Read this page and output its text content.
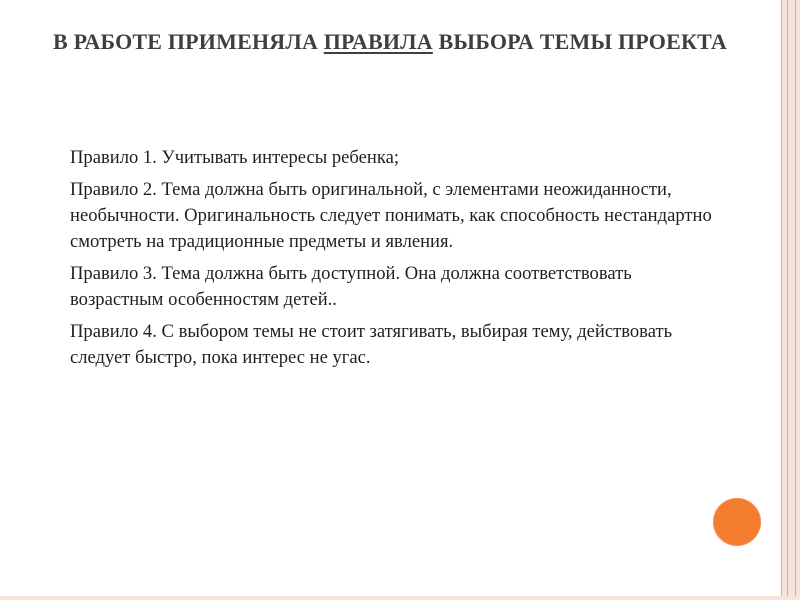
В РАБОТЕ ПРИМЕНЯЛА ПРАВИЛА ВЫБОРА ТЕМЫ ПРОЕКТА
Правило 1. Учитывать интересы ребенка;
Правило 2. Тема должна быть оригинальной, с элементами неожиданности, необычности. Оригинальность следует понимать, как способность нестандартно смотреть на традиционные предметы и явления.
Правило 3. Тема должна быть доступной. Она должна соответствовать возрастным особенностям детей..
Правило 4. С выбором темы не стоит затягивать, выбирая тему, действовать следует быстро, пока интерес не угас.
